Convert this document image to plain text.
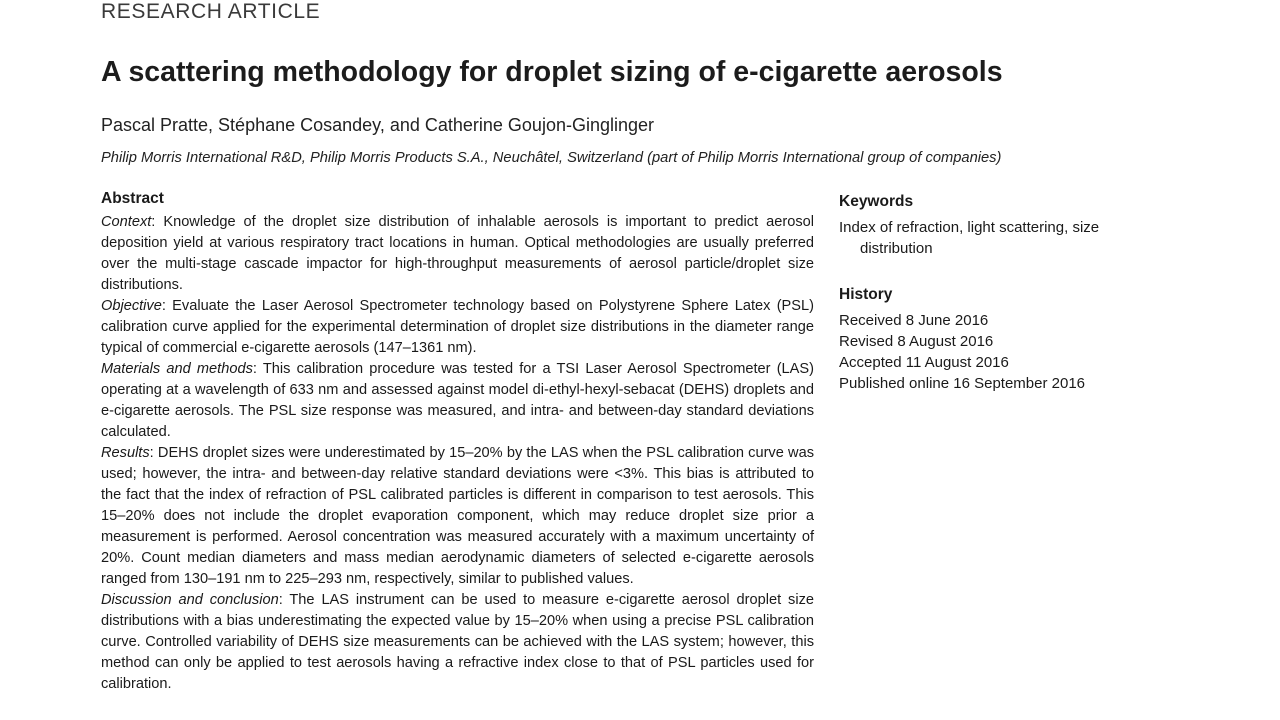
RESEARCH ARTICLE
A scattering methodology for droplet sizing of e-cigarette aerosols
Pascal Pratte, Stéphane Cosandey, and Catherine Goujon-Ginglinger
Philip Morris International R&D, Philip Morris Products S.A., Neuchâtel, Switzerland (part of Philip Morris International group of companies)
Abstract

Context: Knowledge of the droplet size distribution of inhalable aerosols is important to predict aerosol deposition yield at various respiratory tract locations in human. Optical methodologies are usually preferred over the multi-stage cascade impactor for high-throughput measurements of aerosol particle/droplet size distributions.

Objective: Evaluate the Laser Aerosol Spectrometer technology based on Polystyrene Sphere Latex (PSL) calibration curve applied for the experimental determination of droplet size distributions in the diameter range typical of commercial e-cigarette aerosols (147–1361 nm).

Materials and methods: This calibration procedure was tested for a TSI Laser Aerosol Spectrometer (LAS) operating at a wavelength of 633 nm and assessed against model di-ethyl-hexyl-sebacat (DEHS) droplets and e-cigarette aerosols. The PSL size response was measured, and intra- and between-day standard deviations calculated.

Results: DEHS droplet sizes were underestimated by 15–20% by the LAS when the PSL calibration curve was used; however, the intra- and between-day relative standard deviations were <3%. This bias is attributed to the fact that the index of refraction of PSL calibrated particles is different in comparison to test aerosols. This 15–20% does not include the droplet evaporation component, which may reduce droplet size prior a measurement is performed. Aerosol concentration was measured accurately with a maximum uncertainty of 20%. Count median diameters and mass median aerodynamic diameters of selected e-cigarette aerosols ranged from 130–191 nm to 225–293 nm, respectively, similar to published values.

Discussion and conclusion: The LAS instrument can be used to measure e-cigarette aerosol droplet size distributions with a bias underestimating the expected value by 15–20% when using a precise PSL calibration curve. Controlled variability of DEHS size measurements can be achieved with the LAS system; however, this method can only be applied to test aerosols having a refractive index close to that of PSL particles used for calibration.

Keywords
Index of refraction, light scattering, size distribution
History
Received 8 June 2016
Revised 8 August 2016
Accepted 11 August 2016
Published online 16 September 2016
